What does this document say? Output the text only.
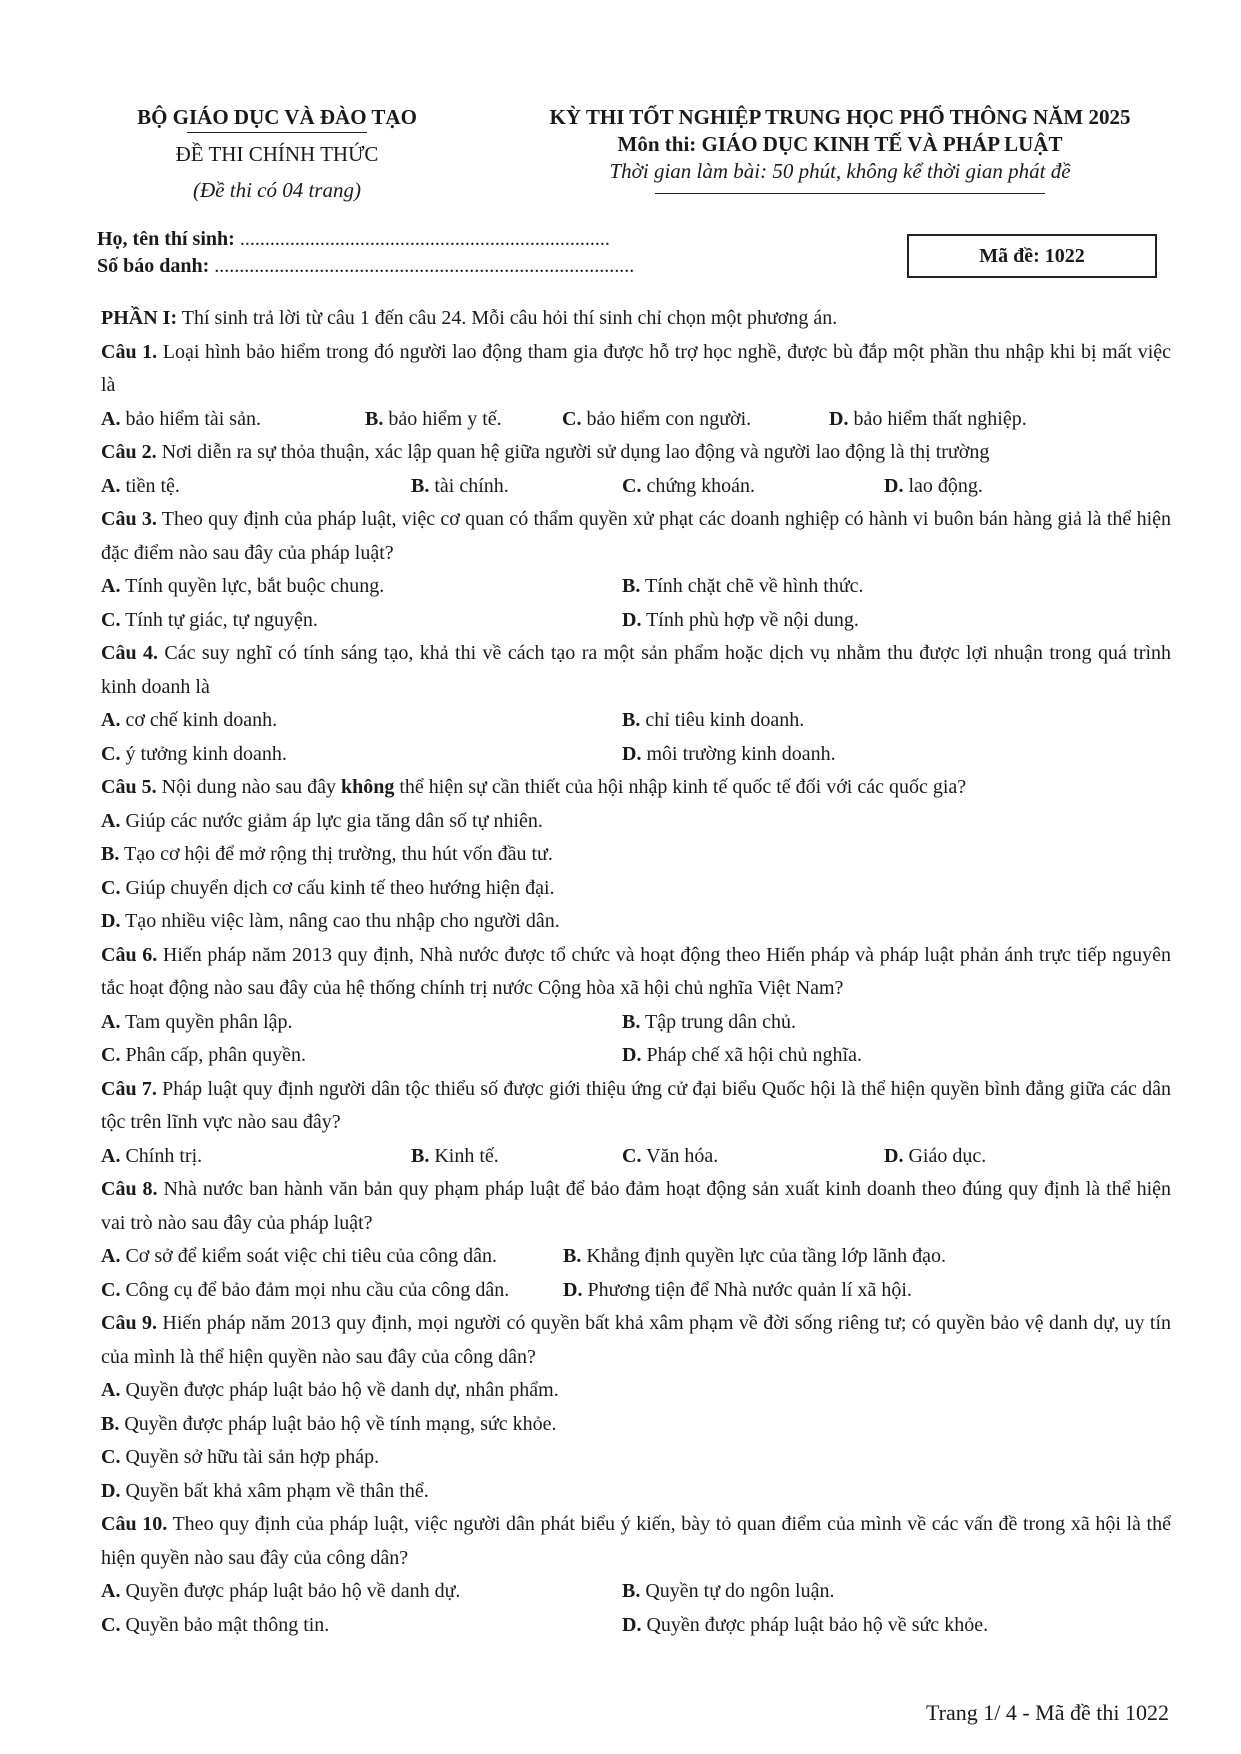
BỘ GIÁO DỤC VÀ ĐÀO TẠO
ĐỀ THI CHÍNH THỨC
(Đề thi có 04 trang)
KỲ THI TỐT NGHIỆP TRUNG HỌC PHỔ THÔNG NĂM 2025
Môn thi: GIÁO DỤC KINH TẾ VÀ PHÁP LUẬT
Thời gian làm bài: 50 phút, không kể thời gian phát đề
Họ, tên thí sinh: ..........................................................................
Số báo danh: ....................................................................................	Mã đề: 1022
PHẦN I: Thí sinh trả lời từ câu 1 đến câu 24. Mỗi câu hỏi thí sinh chỉ chọn một phương án.
Câu 1. Loại hình bảo hiểm trong đó người lao động tham gia được hỗ trợ học nghề, được bù đắp một phần thu nhập khi bị mất việc là
A. bảo hiểm tài sản.	B. bảo hiểm y tế.	C. bảo hiểm con người.	D. bảo hiểm thất nghiệp.
Câu 2. Nơi diễn ra sự thỏa thuận, xác lập quan hệ giữa người sử dụng lao động và người lao động là thị trường
A. tiền tệ.	B. tài chính.	C. chứng khoán.	D. lao động.
Câu 3. Theo quy định của pháp luật, việc cơ quan có thẩm quyền xử phạt các doanh nghiệp có hành vi buôn bán hàng giả là thể hiện đặc điểm nào sau đây của pháp luật?
A. Tính quyền lực, bắt buộc chung.	B. Tính chặt chẽ về hình thức.
C. Tính tự giác, tự nguyện.	D. Tính phù hợp về nội dung.
Câu 4. Các suy nghĩ có tính sáng tạo, khả thi về cách tạo ra một sản phẩm hoặc dịch vụ nhằm thu được lợi nhuận trong quá trình kinh doanh là
A. cơ chế kinh doanh.	B. chỉ tiêu kinh doanh.
C. ý tưởng kinh doanh.	D. môi trường kinh doanh.
Câu 5. Nội dung nào sau đây không thể hiện sự cần thiết của hội nhập kinh tế quốc tế đối với các quốc gia?
A. Giúp các nước giảm áp lực gia tăng dân số tự nhiên.
B. Tạo cơ hội để mở rộng thị trường, thu hút vốn đầu tư.
C. Giúp chuyển dịch cơ cấu kinh tế theo hướng hiện đại.
D. Tạo nhiều việc làm, nâng cao thu nhập cho người dân.
Câu 6. Hiến pháp năm 2013 quy định, Nhà nước được tổ chức và hoạt động theo Hiến pháp và pháp luật phản ánh trực tiếp nguyên tắc hoạt động nào sau đây của hệ thống chính trị nước Cộng hòa xã hội chủ nghĩa Việt Nam?
A. Tam quyền phân lập.	B. Tập trung dân chủ.
C. Phân cấp, phân quyền.	D. Pháp chế xã hội chủ nghĩa.
Câu 7. Pháp luật quy định người dân tộc thiểu số được giới thiệu ứng cử đại biểu Quốc hội là thể hiện quyền bình đẳng giữa các dân tộc trên lĩnh vực nào sau đây?
A. Chính trị.	B. Kinh tế.	C. Văn hóa.	D. Giáo dục.
Câu 8. Nhà nước ban hành văn bản quy phạm pháp luật để bảo đảm hoạt động sản xuất kinh doanh theo đúng quy định là thể hiện vai trò nào sau đây của pháp luật?
A. Cơ sở để kiểm soát việc chi tiêu của công dân.	B. Khẳng định quyền lực của tầng lớp lãnh đạo.
C. Công cụ để bảo đảm mọi nhu cầu của công dân.	D. Phương tiện để Nhà nước quản lí xã hội.
Câu 9. Hiến pháp năm 2013 quy định, mọi người có quyền bất khả xâm phạm về đời sống riêng tư; có quyền bảo vệ danh dự, uy tín của mình là thể hiện quyền nào sau đây của công dân?
A. Quyền được pháp luật bảo hộ về danh dự, nhân phẩm.
B. Quyền được pháp luật bảo hộ về tính mạng, sức khỏe.
C. Quyền sở hữu tài sản hợp pháp.
D. Quyền bất khả xâm phạm về thân thể.
Câu 10. Theo quy định của pháp luật, việc người dân phát biểu ý kiến, bày tỏ quan điểm của mình về các vấn đề trong xã hội là thể hiện quyền nào sau đây của công dân?
A. Quyền được pháp luật bảo hộ về danh dự.	B. Quyền tự do ngôn luận.
C. Quyền bảo mật thông tin.	D. Quyền được pháp luật bảo hộ về sức khỏe.
Trang 1/ 4 - Mã đề thi 1022
